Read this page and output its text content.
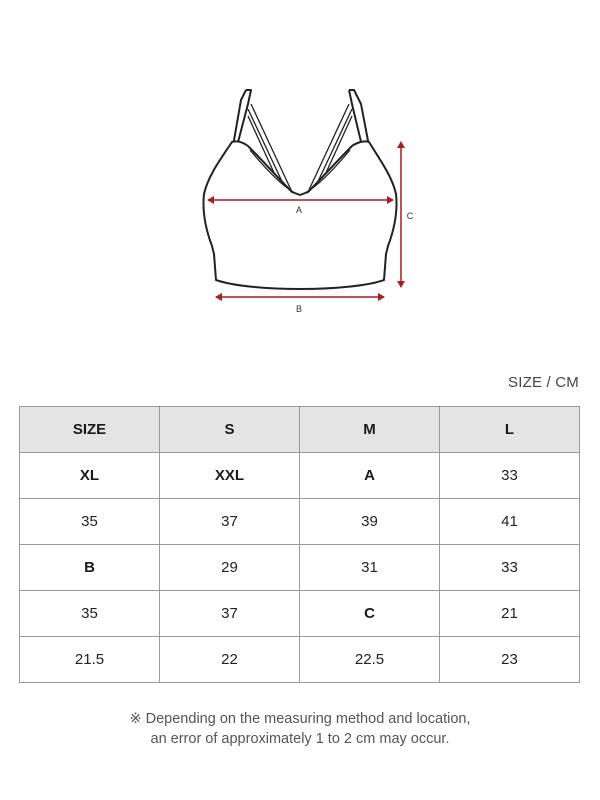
A
B
C
SIZE / CM
SIZE	S	M	L
XL	XXL	A	33
35	37	39	41
B	29	31	33
35	37	C	21
21.5	22	22.5	23
※ Depending on the measuring method and location,
an error of approximately 1 to 2 cm may occur.
